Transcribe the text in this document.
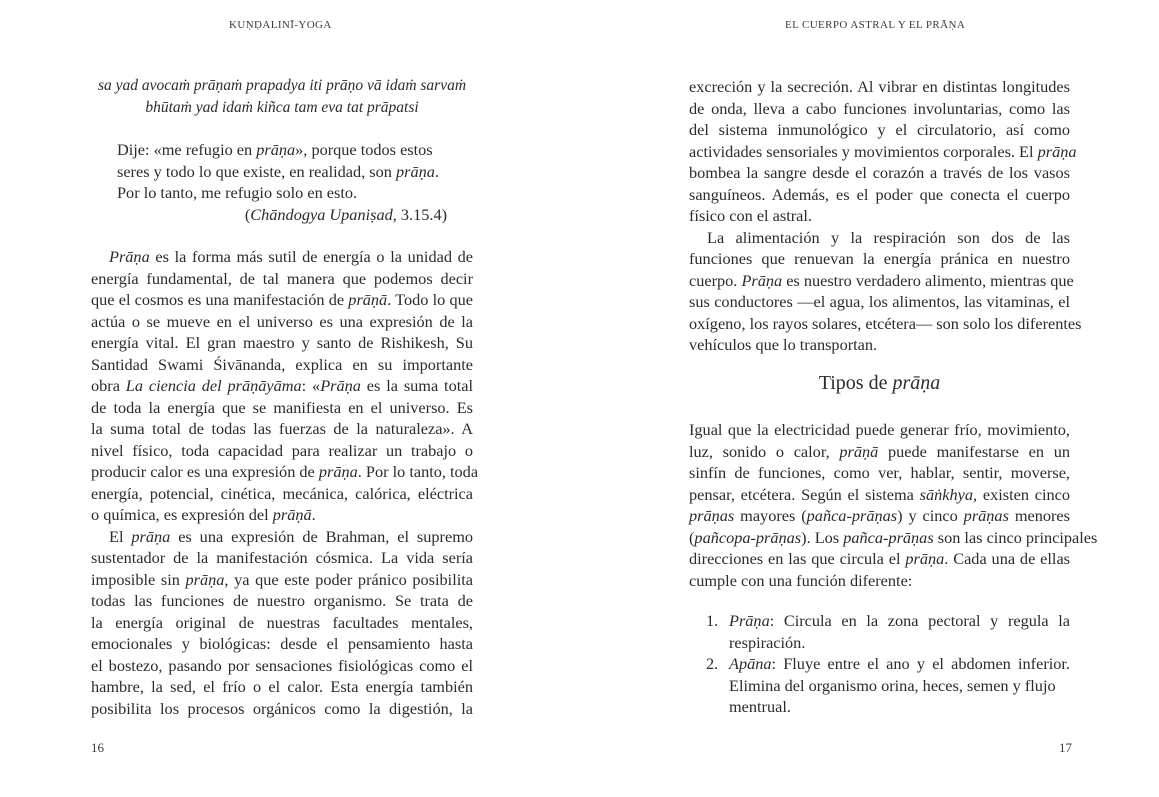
KUṆḌALINĪ-YOGA
sa yad avocaṁ prāṇaṁ prapadya iti prāṇo vā idaṁ sarvaṁ
bhūtaṁ yad idaṁ kiñca tam eva tat prāpatsi
Dije: «me refugio en prāṇa», porque todos estos
seres y todo lo que existe, en realidad, son prāṇa.
Por lo tanto, me refugio solo en esto.
(Chāndogya Upaniṣad, 3.15.4)
Prāṇa es la forma más sutil de energía o la unidad de
energía fundamental, de tal manera que podemos decir
que el cosmos es una manifestación de prāṇā. Todo lo que
actúa o se mueve en el universo es una expresión de la
energía vital. El gran maestro y santo de Rishikesh, Su
Santidad Swami Śivānanda, explica en su importante
obra La ciencia del prāṇāyāma: «Prāṇa es la suma total
de toda la energía que se manifiesta en el universo. Es
la suma total de todas las fuerzas de la naturaleza». A
nivel físico, toda capacidad para realizar un trabajo o
producir calor es una expresión de prāṇa. Por lo tanto, toda
energía, potencial, cinética, mecánica, calórica, eléctrica
o química, es expresión del prāṇā.
El prāṇa es una expresión de Brahman, el supremo
sustentador de la manifestación cósmica. La vida sería
imposible sin prāṇa, ya que este poder pránico posibilita
todas las funciones de nuestro organismo. Se trata de
la energía original de nuestras facultades mentales,
emocionales y biológicas: desde el pensamiento hasta
el bostezo, pasando por sensaciones fisiológicas como el
hambre, la sed, el frío o el calor. Esta energía también
posibilita los procesos orgánicos como la digestión, la
16
EL CUERPO ASTRAL Y EL PRĀṆA
excreción y la secreción. Al vibrar en distintas longitudes
de onda, lleva a cabo funciones involuntarias, como las
del sistema inmunológico y el circulatorio, así como
actividades sensoriales y movimientos corporales. El prāṇa
bombea la sangre desde el corazón a través de los vasos
sanguíneos. Además, es el poder que conecta el cuerpo
físico con el astral.
La alimentación y la respiración son dos de las
funciones que renuevan la energía pránica en nuestro
cuerpo. Prāṇa es nuestro verdadero alimento, mientras que
sus conductores —el agua, los alimentos, las vitaminas, el
oxígeno, los rayos solares, etcétera— son solo los diferentes
vehículos que lo transportan.
Tipos de prāṇa
Igual que la electricidad puede generar frío, movimiento,
luz, sonido o calor, prāṇā puede manifestarse en un
sinfín de funciones, como ver, hablar, sentir, moverse,
pensar, etcétera. Según el sistema sāṅkhya, existen cinco
prāṇas mayores (pañca-prāṇas) y cinco prāṇas menores
(pañcopa-prāṇas). Los pañca-prāṇas son las cinco principales
direcciones en las que circula el prāṇa. Cada una de ellas
cumple con una función diferente:
1. Prāṇa: Circula en la zona pectoral y regula la
respiración.
2. Apāna: Fluye entre el ano y el abdomen inferior.
Elimina del organismo orina, heces, semen y flujo
mentrual.
17
